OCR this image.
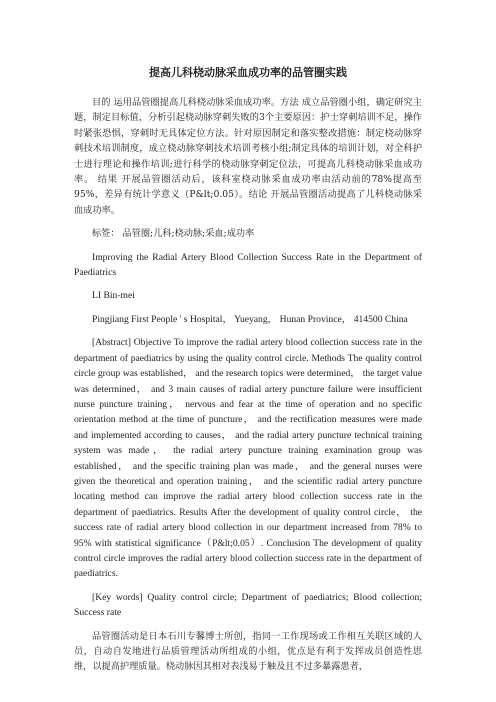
提高儿科桡动脉采血成功率的品管圈实践

目的 运用品管圈提高儿科桡动脉采血成功率。方法 成立品管圈小组，确定研究主题，制定目标值，分析引起桡动脉穿刺失败的3个主要原因：护士穿刺培训不足，操作时紧张恐惧，穿刺时无具体定位方法。针对原因制定和落实整改措施：制定桡动脉穿刺技术培训制度，成立桡动脉穿刺技术培训考核小组;制定具体的培训计划，对全科护士进行理论和操作培训;进行科学的桡动脉穿刺定位法，可提高儿科桡动脉采血成功率。 结果 开展品管圈活动后，该科室桡动脉采血成功率由活动前的78%提高至95%，差异有统计学意义（P&lt;0.05）。结论 开展品管圈活动提高了儿科桡动脉采血成功率。

标签： 品管圈;儿科;桡动脉;采血;成功率

Improving the Radial Artery Blood Collection Success Rate in the Department of Paediatrics

LI Bin-mei

Pingjiang First People ' s Hospital， Yueyang， Hunan Province， 414500 China

[Abstract] Objective To improve the radial artery blood collection success rate in the department of paediatrics by using the quality control circle. Methods The quality control circle group was established， and the research topics were determined， the target value was determined， and 3 main causes of radial artery puncture failure were insufficient nurse puncture training， nervous and fear at the time of operation and no specific orientation method at the time of puncture， and the rectification measures were made and implemented according to causes， and the radial artery puncture technical training system was made， the radial artery puncture training examination group was established， and the specific training plan was made， and the general nurses were given the theoretical and operation training， and the scientific radial artery puncture locating method can improve the radial artery blood collection success rate in the department of paediatrics. Results After the development of quality control circle， the success rate of radial artery blood collection in our department increased from 78% to 95% with statistical significance（P&lt;0.05）. Conclusion The development of quality control circle improves the radial artery blood collection success rate in the department of paediatrics.

[Key words] Quality control circle; Department of paediatrics; Blood collection; Success rate

品管圈活动是日本石川专馨博士所创，指同一工作现场或工作相互关联区域的人员，自动自发地进行品质管理活动所组成的小组，优点是有利于发挥成员创造性思维，以提高护理质量。桡动脉因其相对表浅易于触及且不过多暴露患者，
